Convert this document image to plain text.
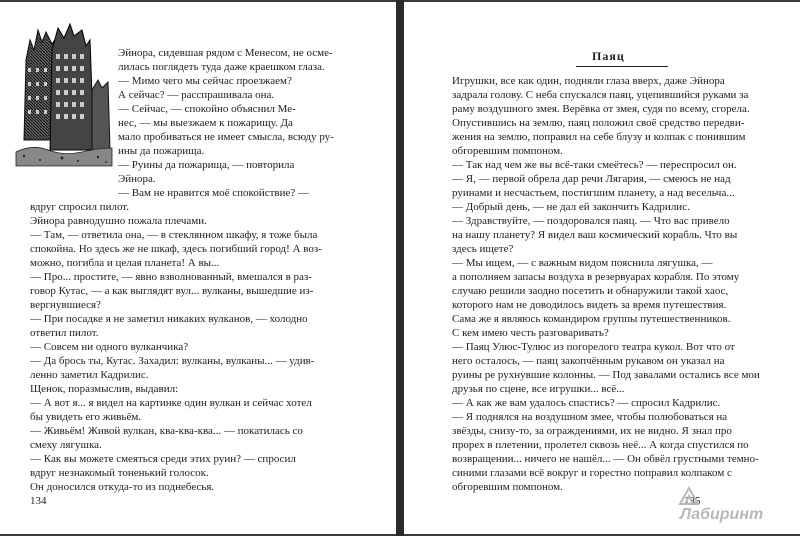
Эйнора, сидевшая рядом с Менесом, не осме-
лилась поглядеть туда даже краешком глаза.
— Мимо чего мы сейчас проезжаем?
А сейчас? — расспрашивала она.
— Сейчас, — спокойно объяснил Ме-
нес, — мы выезжаем к пожарищу. Да
мало пробиваться не имеет смысла, всюду ру-
ины да пожарища.
— Руины да пожарища, — повторила
Эйнора.
— Вам не нравится моё спокойствие? —
вдруг спросил пилот.
Эйнора равнодушно пожала плечами.
— Там, — ответила она, — в стеклянном шкафу, я тоже была
спокойна. Но здесь же не шкаф, здесь погибший город! А воз-
можно, погибла и целая планета! А вы...
— Про... простите, — явно взволнованный, вмешался в раз-
говор Кутас, — а как выглядят вул... вулканы, вышедшие из-
вергнувшиеся?
— При посадке я не заметил никаких вулканов, — холодно
ответил пилот.
— Совсем ни одного вулканчика?
— Да брось ты, Кутас. Захадил: вулканы, вулканы... — удив-
ленно заметил Кадрилис.
Щенок, поразмыслив, выдавил:
— А вот я... я видел на картинке один вулкан и сейчас хотел
бы увидеть его живьём.
— Живьём! Живой вулкан, ква-ква-ква... — покатилась со
смеху лягушка.
— Как вы можете смеяться среди этих руин? — спросил
вдруг незнакомый тоненький голосок.
Он доносился откуда-то из поднебесья.
134
Паяц
Игрушки, все как один, подняли глаза вверх, даже Эйнора
задрала голову. С неба спускался паяц, уцепившийся руками за
раму воздушного змея. Верёвка от змея, судя по всему, сгорела.
Опустившись на землю, паяц положил своё средство передви-
жения на землю, поправил на себе блузу и колпак с понившим
обгоревшим помпоном.
— Так над чем же вы всё-таки смеётесь? — переспросил он.
— Я, — первой обрела дар речи Лягария, — смеюсь не над
руинами и несчастьем, постигшим планету, а над весельча...
— Добрый день, — не дал ей закончить Кадрилис.
— Здравствуйте, — поздоровался паяц. — Что вас привело
на нашу планету? Я видел ваш космический корабль. Что вы
здесь ищете?
— Мы ищем, — с важным видом пояснила лягушка, —
а пополняем запасы воздуха в резервуарах корабля. По этому
случаю решили заодно посетить и обнаружили такой хаос,
которого нам не доводилось видеть за время путешествия.
Сама же я являюсь командиром группы путешественников.
С кем имею честь разговаривать?
— Паяц Улюс-Тулюс из погорелого театра кукол. Вот что от
него осталось, — паяц закопчённым рукавом он указал на
руины ре рухнувшие колонны. — Под завалами остались все мои
друзья по сцене, все игрушки... всё...
— А как же вам удалось спастись? — спросил Кадрилис.
— Я поднялся на воздушном змее, чтобы полюбоваться на
звёзды, снизу-то, за ограждениями, их не видно. Я знал про
прорех в плетении, пролетел сквозь неё... А когда спустился по
возвращении... ничего не нашёл... — Он обвёл грустными темно-
синими глазами всё вокруг и горестно поправил колпаком с
обгоревшим помпоном.
135
Лабиринт
